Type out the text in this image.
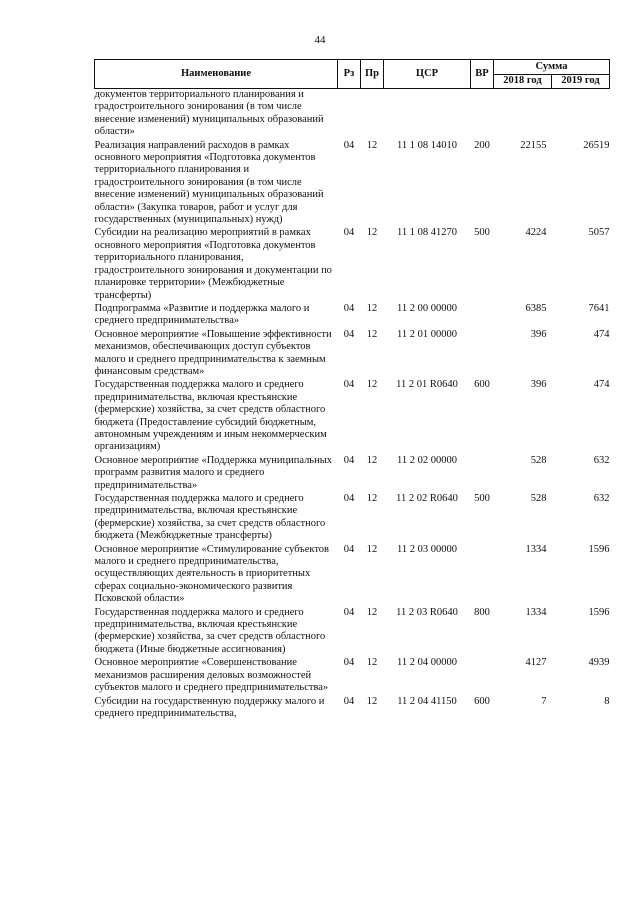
44
Наименование	Рз	Пр	ЦСР	ВР	Сумма	
					2018 год	2019 год
документов территориального планирования и градостроительного зонирования (в том числе внесение изменений) муниципальных образований области»						
Реализация направлений расходов в рамках основного мероприятия «Подготовка документов территориального планирования и градостроительного зонирования (в том числе внесение изменений) муниципальных образований области» (Закупка товаров, работ и услуг для государственных (муниципальных) нужд)	04	12	11 1 08 14010	200	22155	26519
Субсидии на реализацию мероприятий в рамках основного мероприятия «Подготовка документов территориального планирования, градостроительного зонирования и документации по планировке территории» (Межбюджетные трансферты)	04	12	11 1 08 41270	500	4224	5057
Подпрограмма «Развитие и поддержка малого и среднего предпринимательства»	04	12	11 2 00 00000		6385	7641
Основное мероприятие «Повышение эффективности механизмов, обеспечивающих доступ субъектов малого и среднего предпринимательства к заемным финансовым средствам»	04	12	11 2 01 00000		396	474
Государственная поддержка малого и среднего предпринимательства, включая крестьянские (фермерские) хозяйства, за счет средств областного бюджета (Предоставление субсидий бюджетным, автономным учреждениям и иным некоммерческим организациям)	04	12	11 2 01 R0640	600	396	474
Основное мероприятие «Поддержка муниципальных программ развития малого и среднего предпринимательства»	04	12	11 2 02 00000		528	632
Государственная поддержка малого и среднего предпринимательства, включая крестьянские (фермерские) хозяйства, за счет средств областного бюджета (Межбюджетные трансферты)	04	12	11 2 02 R0640	500	528	632
Основное мероприятие «Стимулирование субъектов малого и среднего предпринимательства, осуществляющих деятельность в приоритетных сферах социально-экономического развития Псковской области»	04	12	11 2 03 00000		1334	1596
Государственная поддержка малого и среднего предпринимательства, включая крестьянские (фермерские) хозяйства, за счет средств областного бюджета (Иные бюджетные ассигнования)	04	12	11 2 03 R0640	800	1334	1596
Основное мероприятие «Совершенствование механизмов расширения деловых возможностей субъектов малого и среднего предпринимательства»	04	12	11 2 04 00000		4127	4939
Субсидии на государственную поддержку малого и среднего предпринимательства,	04	12	11 2 04 41150	600	7	8
